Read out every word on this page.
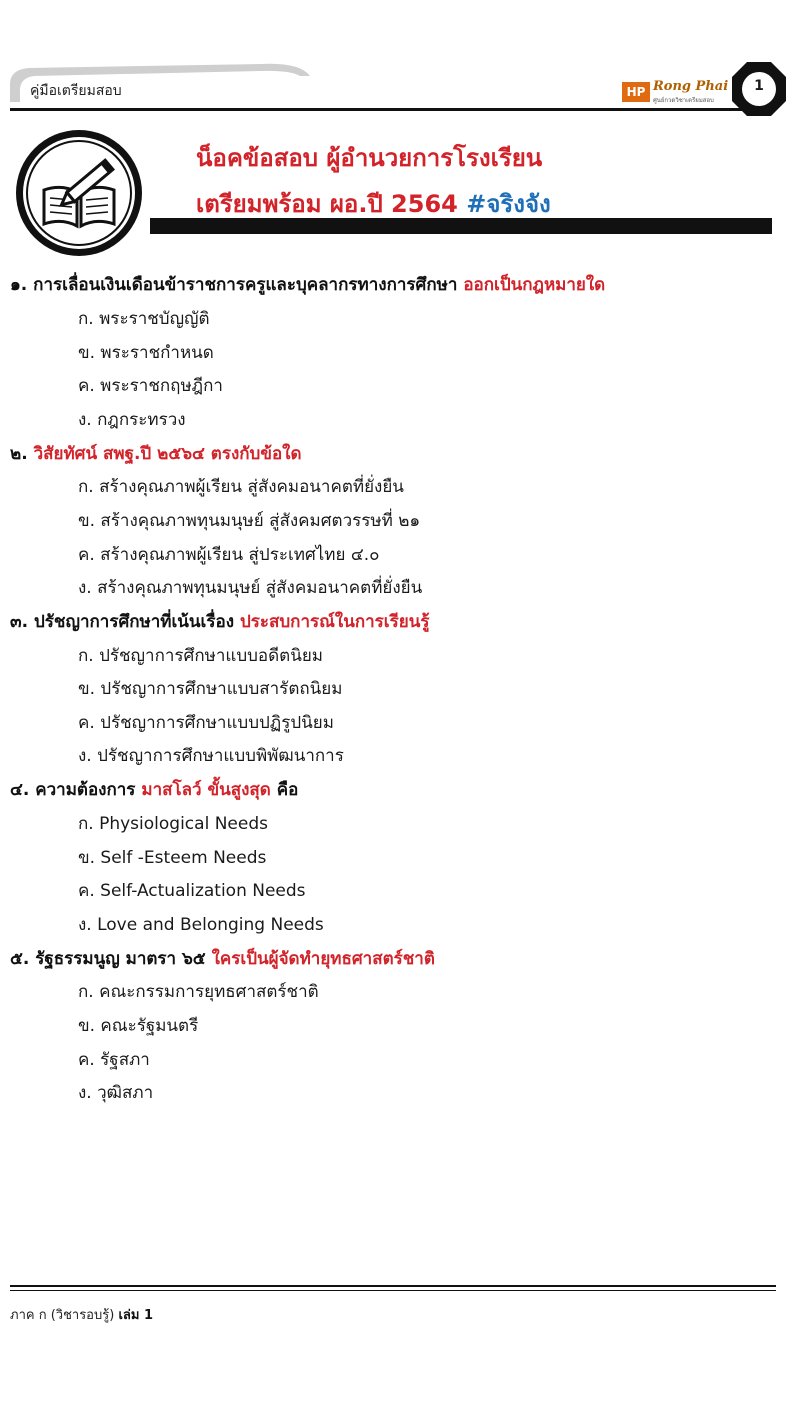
คู่มือเตรียมสอบ	HP Rong Phai
ศูนย์กวดวิชาเตรียมสอบ
1
น็อคข้อสอบ ผู้อำนวยการโรงเรียน
เตรียมพร้อม ผอ.ปี 2564 #จริงจัง
๑. การเลื่อนเงินเดือนข้าราชการครูและบุคลากรทางการศึกษา ออกเป็นกฎหมายใด
ก. พระราชบัญญัติ
ข. พระราชกำหนด
ค. พระราชกฤษฎีกา
ง. กฎกระทรวง
๒. วิสัยทัศน์ สพฐ.ปี ๒๕๖๔ ตรงกับข้อใด
ก. สร้างคุณภาพผู้เรียน สู่สังคมอนาคตที่ยั่งยืน
ข. สร้างคุณภาพทุนมนุษย์ สู่สังคมศตวรรษที่ ๒๑
ค. สร้างคุณภาพผู้เรียน สู่ประเทศไทย ๔.๐
ง. สร้างคุณภาพทุนมนุษย์ สู่สังคมอนาคตที่ยั่งยืน
๓. ปรัชญาการศึกษาที่เน้นเรื่อง ประสบการณ์ในการเรียนรู้
ก. ปรัชญาการศึกษาแบบอดีตนิยม
ข. ปรัชญาการศึกษาแบบสารัตถนิยม
ค. ปรัชญาการศึกษาแบบปฏิรูปนิยม
ง. ปรัชญาการศึกษาแบบพิพัฒนาการ
๔. ความต้องการ มาสโลว์ ขั้นสูงสุด คือ
ก. Physiological Needs
ข. Self -Esteem Needs
ค. Self-Actualization Needs
ง. Love and Belonging Needs
๕. รัฐธรรมนูญ มาตรา ๖๕ ใครเป็นผู้จัดทำยุทธศาสตร์ชาติ
ก. คณะกรรมการยุทธศาสตร์ชาติ
ข. คณะรัฐมนตรี
ค. รัฐสภา
ง. วุฒิสภา
ภาค ก (วิชารอบรู้) เล่ม 1
